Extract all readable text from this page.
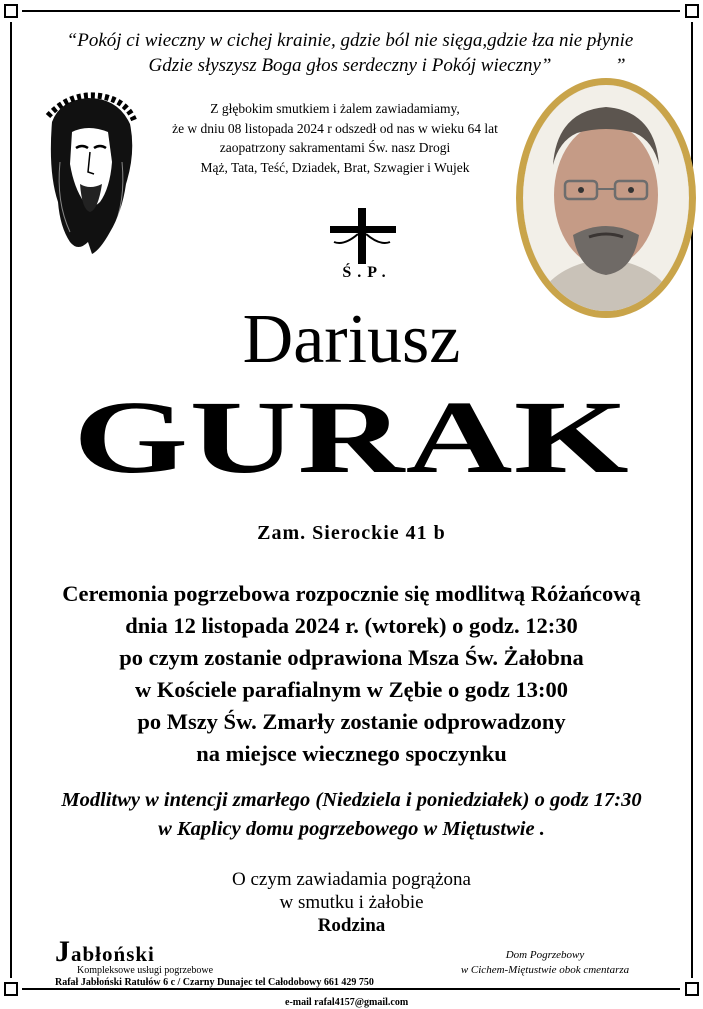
“Pokój ci wieczny w cichej krainie, gdzie ból nie sięga,gdzie łza nie płynie
Gdzie słyszysz Boga głos serdeczny i Pokój wieczny”	”
Z głębokim smutkiem i żalem zawiadamiamy,
że w dniu 08 listopada 2024 r odszedł od nas w wieku 64 lat
zaopatrzony sakramentami Św. nasz Drogi
Mąż, Tata, Teść, Dziadek, Brat, Szwagier i Wujek
Ś.P.
Dariusz
GURAK
Zam. Sierockie 41 b
Ceremonia pogrzebowa rozpocznie się modlitwą Różańcową
dnia 12 listopada 2024 r. (wtorek) o godz. 12:30
po czym zostanie odprawiona Msza Św. Żałobna
w Kościele parafialnym w Zębie o godz 13:00
po Mszy Św. Zmarły zostanie odprowadzony
na miejsce wiecznego spoczynku
Modlitwy w intencji zmarłego (Niedziela i poniedziałek) o godz 17:30
w Kaplicy domu pogrzebowego w Miętustwie .
O czym zawiadamia pogrążona
w smutku i żałobie
Rodzina
Jabłoński
Kompleksowe usługi pogrzebowe
Rafał Jabłoński Ratułów 6 c / Czarny Dunajec tel Całodobowy 661 429 750
e-mail rafal4157@gmail.com
Dom Pogrzebowy
w Cichem-Miętustwie obok cmentarza
